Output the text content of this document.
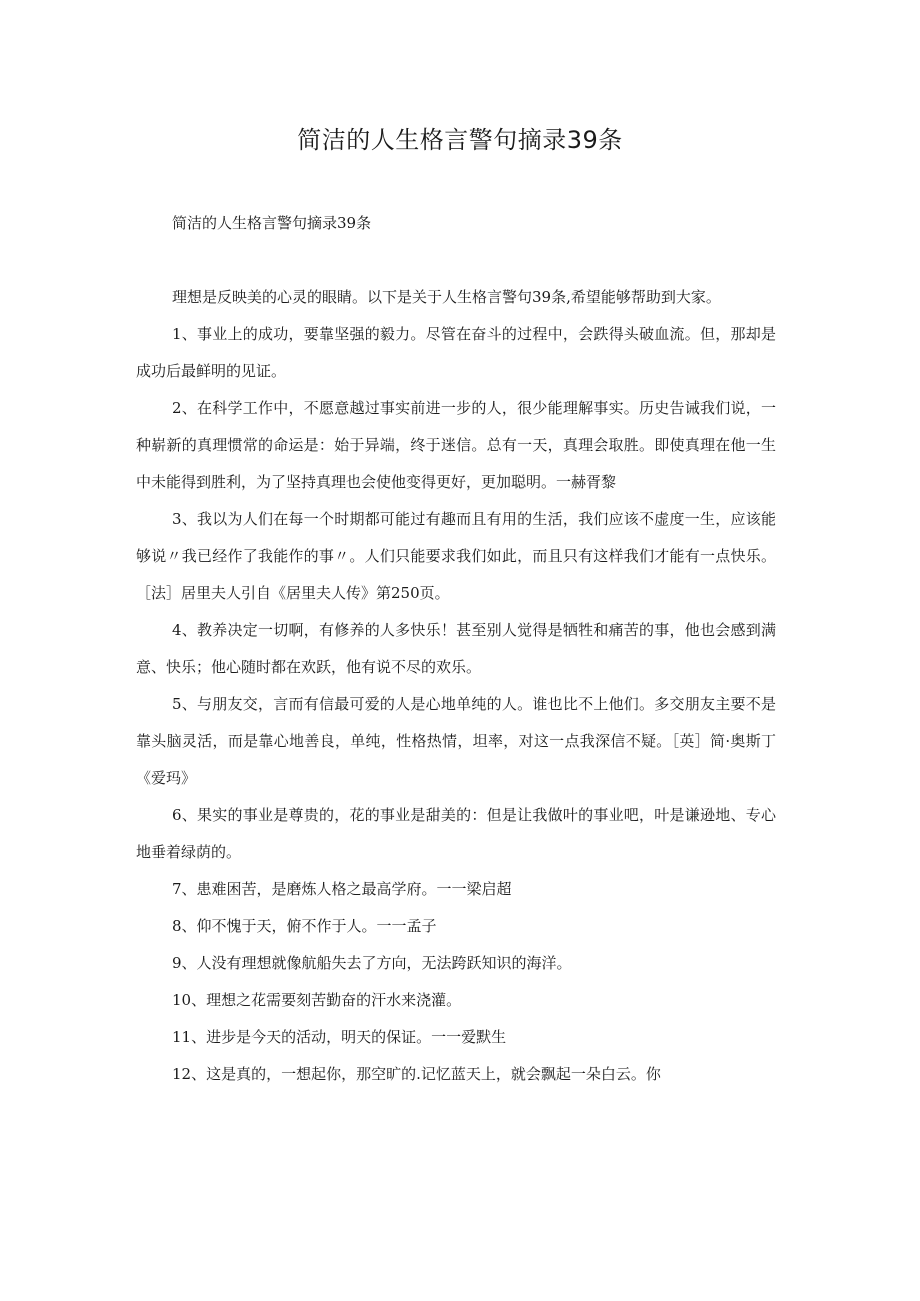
简洁的人生格言警句摘录39条

简洁的人生格言警句摘录39条

理想是反映美的心灵的眼睛。以下是关于人生格言警句39条,希望能够帮助到大家。

1、事业上的成功，要靠坚强的毅力。尽管在奋斗的过程中，会跌得头破血流。但，那却是成功后最鲜明的见证。

2、在科学工作中，不愿意越过事实前进一步的人，很少能理解事实。历史告诫我们说，一种崭新的真理惯常的命运是：始于异端，终于迷信。总有一天，真理会取胜。即使真理在他一生中未能得到胜利，为了坚持真理也会使他变得更好，更加聪明。一赫胥黎

3、我以为人们在每一个时期都可能过有趣而且有用的生活，我们应该不虚度一生，应该能够说〃我已经作了我能作的事〃。人们只能要求我们如此，而且只有这样我们才能有一点快乐。［法］居里夫人引自《居里夫人传》第250页。

4、教养决定一切啊，有修养的人多快乐！甚至别人觉得是牺牲和痛苦的事，他也会感到满意、快乐；他心随时都在欢跃，他有说不尽的欢乐。

5、与朋友交，言而有信最可爱的人是心地单纯的人。谁也比不上他们。多交朋友主要不是靠头脑灵活，而是靠心地善良，单纯，性格热情，坦率，对这一点我深信不疑。［英］简·奥斯丁《爱玛》

6、果实的事业是尊贵的，花的事业是甜美的：但是让我做叶的事业吧，叶是谦逊地、专心地垂着绿荫的。

7、患难困苦，是磨炼人格之最高学府。一一梁启超

8、仰不愧于天，俯不作于人。一一孟子

9、人没有理想就像航船失去了方向，无法跨跃知识的海洋。

10、理想之花需要刻苦勤奋的汗水来浇灌。

11、进步是今天的活动，明天的保证。一一爱默生

12、这是真的，一想起你，那空旷的.记忆蓝天上，就会飘起一朵白云。你
